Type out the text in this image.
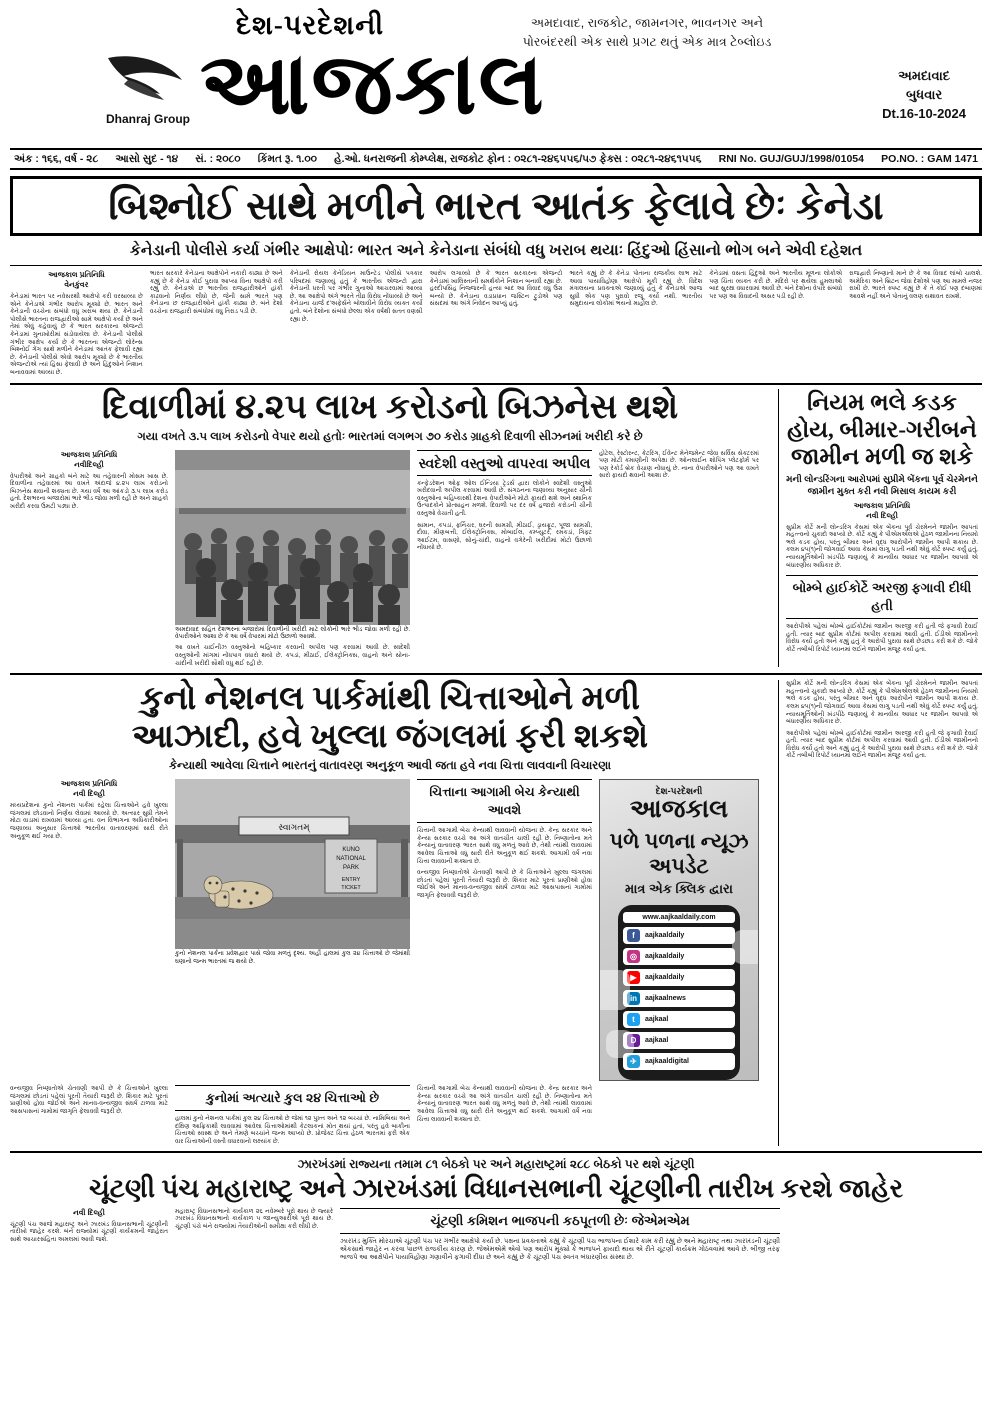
દેશ-પરદેશની
Dhanraj Group આજકાલ
અમદાવાદ, રાજકોટ, જામનગર, ભાવનગર અને
પોરબંદરથી એક સાથે પ્રગટ થતું એક માત્ર ટેબ્લોઇડ
અમદાવાદ
બુધવાર
Dt.16-10-2024
અંક : ૧૬૬, વર્ષ - ૨૮ આસો સુદ - ૧૪ સં. : ૨૦૮૦ કિંમત રૂ. ૧.૦૦ હે.ઓ. ધનરાજની કોમ્પ્લેક્ષ, રાજકોટ ફોન : ૦૨૮૧-૨૪૬૫૫૬/૫૭ ફેક્સ : ૦૨૮૧-૨૪૬૧૫૫૬ RNI No. GUJ/GUJ/1998/01054 PO.NO. : GAM 1471
બિશ્નોઈ સાથે મળીને ભારત આતંક ફેલાવે છેઃ કેનેડા
કેનેડાની પોલીસે કર્યા ગંભીર આક્ષેપોઃ ભારત અને કેનેડાના સંબંધો વધુ ખરાબ થયાઃ હિંદુઓ હિંસાનો ભોગ બને એવી દહેશત
આજકાલ પ્રતિનિધિ
વેનકુંવર
કેનેડામાં ભારત પર નવેસરથી આક્ષેપો કરી વરસાવ્યા છે એને કેનેડાએ ગંભીર આરોપ મૂક્યો છે. ભારત અને કેનેડાની વચ્ચેના સંબંધો વધુ ખરાબ થયા છે. કેનેડાની પોલીસે ભારતના રાજદ્વારીઓ સામે આક્ષેપો કર્યા છે અને તેમાં એવું કહેવાયું છે કે ભારત સરકારના એજન્ટો કેનેડામાં ગુનાખોરીમાં સંડોવાયેલા છે. કેનેડાની પોલીસે ગંભીર આક્ષેપ કર્યા છે કે ભારતના એજન્ટો લોરેન્સ બિશ્નોઈ ગેંગ સાથે મળીને કેનેડામાં આતંક ફેલાવી રહ્યા છે. કેનેડાની પોલીસે એવો આરોપ મૂક્યો છે કે ભારતીય એજન્ટોએ ત્યાં હિંસા ફેલાવી છે અને હિંદુઓને નિશાન બનાવવામાં આવ્યા છે.
ભારત સરકારે કેનેડાના આક્ષેપોને નકારી કાઢ્યા છે અને કહ્યું છે કે કેનેડા કોઈ પુરાવા આપ્યા વિના આક્ષેપો કરી રહ્યું છે. કેનેડાએ છ ભારતીય રાજદ્વારીઓને હાંકી કાઢવાનો નિર્ણય લીધો છે, જેની સામે ભારતે પણ કેનેડાના છ રાજદ્વારીઓને હાંકી કાઢ્યા છે. બંને દેશો વચ્ચેના રાજદ્વારી સંબંધોમાં વધુ તિરાડ પડી છે.
કેનેડાની રોયલ કેનેડિયન માઉન્ટેડ પોલીસે પત્રકાર પરિષદમાં જણાવ્યું હતું કે ભારતીય એજન્ટો દ્વારા કેનેડાની ધરતી પર ગંભીર ગુનાઓ આચરવામાં આવ્યા છે. આ આક્ષેપો અંગે ભારતે તીવ્ર વિરોધ નોંધાવ્યો છે અને કેનેડાના ચાર્જ દ'અફેર્સને બોલાવીને વિરોધ વ્યક્ત કર્યો હતો. બંને દેશોના સંબંધો છેલ્લા એક વર્ષથી સતત વણસી રહ્યા છે.
આરોપ લગાવ્યો છે કે ભારત સરકારના એજન્ટો કેનેડામાં ખાલિસ્તાની સમર્થકોને નિશાન બનાવી રહ્યા છે. હરદીપસિંહ નિજ્જરની હત્યા બાદ આ વિવાદ વધુ ઉગ્ર બન્યો છે. કેનેડાના વડાપ્રધાન જસ્ટિન ટ્રુડોએ પણ સંસદમાં આ અંગે નિવેદન આપ્યું હતું.
ભારતે કહ્યું છે કે કેનેડા પોતાના રાજકીય લાભ માટે આવા પાયાવિહોણા આરોપો મૂકી રહ્યું છે. વિદેશ મંત્રાલયના પ્રવક્તાએ જણાવ્યું હતું કે કેનેડાએ આજ સુધી એક પણ પુરાવો રજૂ કર્યો નથી. ભારતીય સમુદાયના લોકોમાં ભયનો માહોલ છે.
કેનેડામાં વસતા હિંદુઓ અને ભારતીય મૂળના લોકોએ પણ ચિંતા વ્યક્ત કરી છે. મંદિરો પર થયેલા હુમલાઓ બાદ સુરક્ષા વધારવામાં આવી છે. બંને દેશોના વેપાર સંબંધો પર પણ આ વિવાદની અસર પડી રહી છે.
રાજદ્વારી નિષ્ણાતો માને છે કે આ વિવાદ લાંબો ચાલશે. અમેરિકા અને બ્રિટન જેવા દેશોએ પણ આ મામલે નજર રાખી છે. ભારતે સ્પષ્ટ કહ્યું છે કે તે કોઈ પણ દબાણમાં આવશે નહીં અને પોતાનું વલણ યથાવત રાખશે.
દિવાળીમાં ૪.૨૫ લાખ કરોડનો બિઝનેસ થશે
ગયા વખતે ૩.૫ લાખ કરોડનો વેપાર થયો હતોઃ ભારતમાં લગભગ ૭૦ કરોડ ગ્રાહકો દિવાળી સીઝનમાં ખરીદી કરે છે
આજકાલ પ્રતિનિધિ
નવીદિલ્હી
વેપારીઓ અને ગ્રાહકો બંને માટે આ તહેવારની મોસમ ખાસ છે. દિવાળીના તહેવારમાં આ વખતે અંદાજે ૪.૨૫ લાખ કરોડનો બિઝનેસ થવાની શક્યતા છે. ગયા વર્ષે આ આંકડો ૩.૫ લાખ કરોડ હતો. દેશભરના બજારોમાં ભારે ભીડ જોવા મળી રહી છે અને ગ્રાહકો ખરીદી કરવા ઉમટી પડ્યા છે.
અમદાવાદ સહિત દેશભરના બજારોમાં દિવાળીની ખરીદી માટે લોકોની ભારે ભીડ જોવા મળી રહી છે. વેપારીઓને આશા છે કે આ વર્ષે વેપારમાં મોટો ઉછાળો આવશે.
આ વખતે ચાઈનીઝ વસ્તુઓનો બહિષ્કાર કરવાની અપીલ પણ કરવામાં આવી છે. સ્વદેશી વસ્તુઓની માંગમાં નોંધપાત્ર વધારો થયો છે. કપડાં, મીઠાઈ, ઈલેક્ટ્રોનિક્સ, વાહનો અને સોના-ચાંદીની ખરીદી સૌથી વધુ થઈ રહી છે.
સ્વદેશી વસ્તુઓ વાપરવા અપીલ
કન્ફેડરેશન ઓફ ઓલ ઈન્ડિયા ટ્રેડર્સ દ્વારા લોકોને સ્વદેશી વસ્તુઓ ખરીદવાની અપીલ કરવામાં આવી છે. સંગઠનના જણાવ્યા અનુસાર ચીની વસ્તુઓના બહિષ્કારથી દેશના વેપારીઓને મોટો ફાયદો થશે અને સ્થાનિક ઉત્પાદકોને પ્રોત્સાહન મળશે. દિવાળી પર દર વર્ષે હજારો કરોડની ચીની વસ્તુઓ વેચાતી હતી.
સામાન, કપડાં, ફર્નિચર, ઘરની સામગ્રી, મીઠાઈ, ડ્રાયફ્રૂટ, પૂજા સામગ્રી, દીવા, મીણબત્તી, ઈલેક્ટ્રોનિક્સ, મોબાઈલ, કમ્પ્યુટર, રમકડાં, ગિફ્ટ આઈટમ, વાસણો, સોનું-ચાંદી, વાહનો વગેરેની ખરીદીમાં મોટો ઉછાળો નોંધાયો છે.
હોટેલ, રેસ્ટોરન્ટ, કેટરિંગ, ઈવેન્ટ મેનેજમેન્ટ જેવા સર્વિસ સેક્ટરમાં પણ મોટી કમાણીની અપેક્ષા છે. ઓનલાઈન શોપિંગ પ્લેટફોર્મ પર પણ રેકોર્ડ બ્રેક વેચાણ નોંધાયું છે. નાના વેપારીઓને પણ આ વખતે સારો ફાયદો થવાની આશા છે.
નિયમ ભલે કડક હોય, બીમાર-ગરીબને જામીન મળી જ શકે
મની લોન્ડરિંગના આરોપમાં સુપ્રીમે બેંકના પૂર્વ ચેરમેનને જામીન મુક્ત કરી નવી મિસાલ કાયમ કરી
આજકાલ પ્રતિનિધિ
નવી દિલ્હી
સુપ્રીમ કોર્ટે મની લોન્ડરિંગ કેસમાં એક બેંકના પૂર્વ ચેરમેનને જામીન આપતાં મહત્ત્વનો ચુકાદો આપ્યો છે. કોર્ટે કહ્યું કે પીએમએલએ હેઠળ જામીનના નિયમો ભલે કડક હોય, પરંતુ બીમાર અને વૃદ્ધ આરોપીને જામીન આપી શકાય છે. કલમ ૪૫(૧)ની જોગવાઈ આવા કેસમાં લાગુ પડતી નથી એવું કોર્ટે સ્પષ્ટ કર્યું હતું. ન્યાયમૂર્તિઓની ખંડપીઠે જણાવ્યું કે માનવીય આધાર પર જામીન આપવો એ બંધારણીય અધિકાર છે.
બોમ્બે હાઈકોર્ટે અરજી ફગાવી દીધી હતી
આરોપીએ પહેલાં બોમ્બે હાઈકોર્ટમાં જામીન અરજી કરી હતી જે ફગાવી દેવાઈ હતી. ત્યાર બાદ સુપ્રીમ કોર્ટમાં અપીલ કરવામાં આવી હતી. ઈડીએ જામીનનો વિરોધ કર્યો હતો અને કહ્યું હતું કે આરોપી પુરાવા સાથે છેડછાડ કરી શકે છે. જોકે કોર્ટે તબીબી રિપોર્ટ ધ્યાનમાં લઈને જામીન મંજૂર કર્યા હતા.
કુનો નેશનલ પાર્કમાંથી ચિત્તાઓને મળી
આઝાદી, હવે ખુલ્લા જંગલમાં ફરી શકશે
કેન્યાથી આવેલા ચિત્તાને ભારતનું વાતાવરણ અનુકૂળ આવી જતા હવે નવા ચિત્તા લાવવાની વિચારણા
આજકાલ પ્રતિનિધિ
નવી દિલ્હી
મધ્યપ્રદેશના કુનો નેશનલ પાર્કમાં રહેલા ચિત્તાઓને હવે ખુલ્લા જંગલમાં છોડવાનો નિર્ણય લેવામાં આવ્યો છે. અત્યાર સુધી તેમને મોટા વાડામાં રાખવામાં આવ્યા હતા. વન વિભાગના અધિકારીઓના જણાવ્યા અનુસાર ચિત્તાઓ ભારતીય વાતાવરણમાં સારી રીતે અનુકૂળ થઈ ગયા છે.
સ્વાગતમ્
KUNO
NATIONAL
PARK
ENTRY
TICKET
કુનો નેશનલ પાર્કના પ્રવેશદ્વાર પાસે જોવા મળતું દૃશ્ય. અહીં હાલમાં કુલ ૨૪ ચિત્તાઓ છે જેમાંથી ઘણાનો જન્મ ભારતમાં જ થયો છે.
ચિત્તાના આગામી બેચ કેન્યાથી આવશે
ચિત્તાની આગામી બેચ કેન્યાથી લાવવાની યોજના છે. કેન્દ્ર સરકાર અને કેન્યા સરકાર વચ્ચે આ અંગે વાતચીત ચાલી રહી છે. નિષ્ણાતોના મતે કેન્યાનું વાતાવરણ ભારત સાથે વધુ મળતું આવે છે, તેથી ત્યાંથી લાવવામાં આવેલા ચિત્તાઓ વધુ સારી રીતે અનુકૂળ થઈ શકશે. આગામી વર્ષે નવા ચિત્તા લાવવાની શક્યતા છે.
વન્યજીવ નિષ્ણાતોએ ચેતવણી આપી છે કે ચિત્તાઓને ખુલ્લા જંગલમાં છોડતાં પહેલાં પૂરતી તૈયારી જરૂરી છે. શિકાર માટે પૂરતાં પ્રાણીઓ હોવા જોઈએ અને માનવ-વન્યજીવ સંઘર્ષ ટાળવા માટે આસપાસનાં ગામોમાં જાગૃતિ ફેલાવવી જરૂરી છે.
દેશ-પરદેશની
આજકાલ
પળે પળના ન્યૂઝ અપડેટ
માત્ર એક ક્લિક દ્વારા
www.aajkaaldaily.com
f	aajkaaldaily
◎	aajkaaldaily
▶	aajkaaldaily
in	aajkaalnews
t	aajkaal
D	aajkaal
✈	aajkaaldigital
વન્યજીવ નિષ્ણાતોએ ચેતવણી આપી છે કે ચિત્તાઓને ખુલ્લા જંગલમાં છોડતાં પહેલાં પૂરતી તૈયારી જરૂરી છે. શિકાર માટે પૂરતાં પ્રાણીઓ હોવા જોઈએ અને માનવ-વન્યજીવ સંઘર્ષ ટાળવા માટે આસપાસનાં ગામોમાં જાગૃતિ ફેલાવવી જરૂરી છે.
કુનોમાં અત્યારે કુલ ૨૪ ચિત્તાઓ છે
હાલમાં કુનો નેશનલ પાર્કમાં કુલ ૨૪ ચિત્તાઓ છે જેમાં ૧૨ પુખ્ત અને ૧૨ બચ્ચાં છે. નામિબિયા અને દક્ષિણ આફ્રિકાથી લાવવામાં આવેલા ચિત્તાઓમાંથી કેટલાકનાં મોત થયાં હતાં, પરંતુ હવે બાકીના ચિત્તાઓ સ્વસ્થ છે અને તેમણે બચ્ચાંને જન્મ આપ્યો છે. પ્રોજેક્ટ ચિત્તા હેઠળ ભારતમાં ફરી એક વાર ચિત્તાઓની વસ્તી વધારવાનો લક્ષ્યાંક છે.
ચિત્તાની આગામી બેચ કેન્યાથી લાવવાની યોજના છે. કેન્દ્ર સરકાર અને કેન્યા સરકાર વચ્ચે આ અંગે વાતચીત ચાલી રહી છે. નિષ્ણાતોના મતે કેન્યાનું વાતાવરણ ભારત સાથે વધુ મળતું આવે છે, તેથી ત્યાંથી લાવવામાં આવેલા ચિત્તાઓ વધુ સારી રીતે અનુકૂળ થઈ શકશે. આગામી વર્ષે નવા ચિત્તા લાવવાની શક્યતા છે.
સુપ્રીમ કોર્ટે મની લોન્ડરિંગ કેસમાં એક બેંકના પૂર્વ ચેરમેનને જામીન આપતાં મહત્ત્વનો ચુકાદો આપ્યો છે. કોર્ટે કહ્યું કે પીએમએલએ હેઠળ જામીનના નિયમો ભલે કડક હોય, પરંતુ બીમાર અને વૃદ્ધ આરોપીને જામીન આપી શકાય છે. કલમ ૪૫(૧)ની જોગવાઈ આવા કેસમાં લાગુ પડતી નથી એવું કોર્ટે સ્પષ્ટ કર્યું હતું. ન્યાયમૂર્તિઓની ખંડપીઠે જણાવ્યું કે માનવીય આધાર પર જામીન આપવો એ બંધારણીય અધિકાર છે.
આરોપીએ પહેલાં બોમ્બે હાઈકોર્ટમાં જામીન અરજી કરી હતી જે ફગાવી દેવાઈ હતી. ત્યાર બાદ સુપ્રીમ કોર્ટમાં અપીલ કરવામાં આવી હતી. ઈડીએ જામીનનો વિરોધ કર્યો હતો અને કહ્યું હતું કે આરોપી પુરાવા સાથે છેડછાડ કરી શકે છે. જોકે કોર્ટે તબીબી રિપોર્ટ ધ્યાનમાં લઈને જામીન મંજૂર કર્યા હતા.
ઝારખંડમાં રાજ્યના તમામ ૮૧ બેઠકો પર અને મહારાષ્ટ્રમાં ૨૮૮ બેઠકો પર થશે ચૂંટણી
ચૂંટણી પંચ મહારાષ્ટ્ર અને ઝારખંડમાં વિધાનસભાની ચૂંટણીની તારીખ કરશે જાહેર
નવી દિલ્હી
ચૂંટણી પંચ આજે મહારાષ્ટ્ર અને ઝારખંડ વિધાનસભાની ચૂંટણીની તારીખો જાહેર કરશે. બંને રાજ્યોમાં ચૂંટણી કાર્યક્રમની જાહેરાત સાથે આચારસંહિતા અમલમાં આવી જશે.
મહારાષ્ટ્ર વિધાનસભાનો કાર્યકાળ ૨૬ નવેમ્બરે પૂરો થાય છે જ્યારે ઝારખંડ વિધાનસભાનો કાર્યકાળ ૫ જાન્યુઆરીએ પૂરો થાય છે. ચૂંટણી પંચે બંને રાજ્યોમાં તૈયારીઓની સમીક્ષા કરી લીધી છે.	ચૂંટણી કમિશન ભાજપની કઠપૂતળી છેઃ જેએમએમ
ઝારખંડ મુક્તિ મોરચાએ ચૂંટણી પંચ પર ગંભીર આક્ષેપો કર્યા છે. પક્ષના પ્રવક્તાએ કહ્યું કે ચૂંટણી પંચ ભાજપના ઈશારે કામ કરી રહ્યું છે અને મહારાષ્ટ્ર તથા ઝારખંડની ચૂંટણી એકસાથે જાહેર ન કરવા પાછળ રાજકીય કારણ છે. જેએમએમે એવો પણ આરોપ મૂક્યો કે ભાજપને ફાયદો થાય એ રીતે ચૂંટણી કાર્યક્રમ ગોઠવવામાં આવે છે. બીજી તરફ ભાજપે આ આક્ષેપોને પાયાવિહોણા ગણાવીને ફગાવી દીધા છે અને કહ્યું છે કે ચૂંટણી પંચ સ્વતંત્ર બંધારણીય સંસ્થા છે.
